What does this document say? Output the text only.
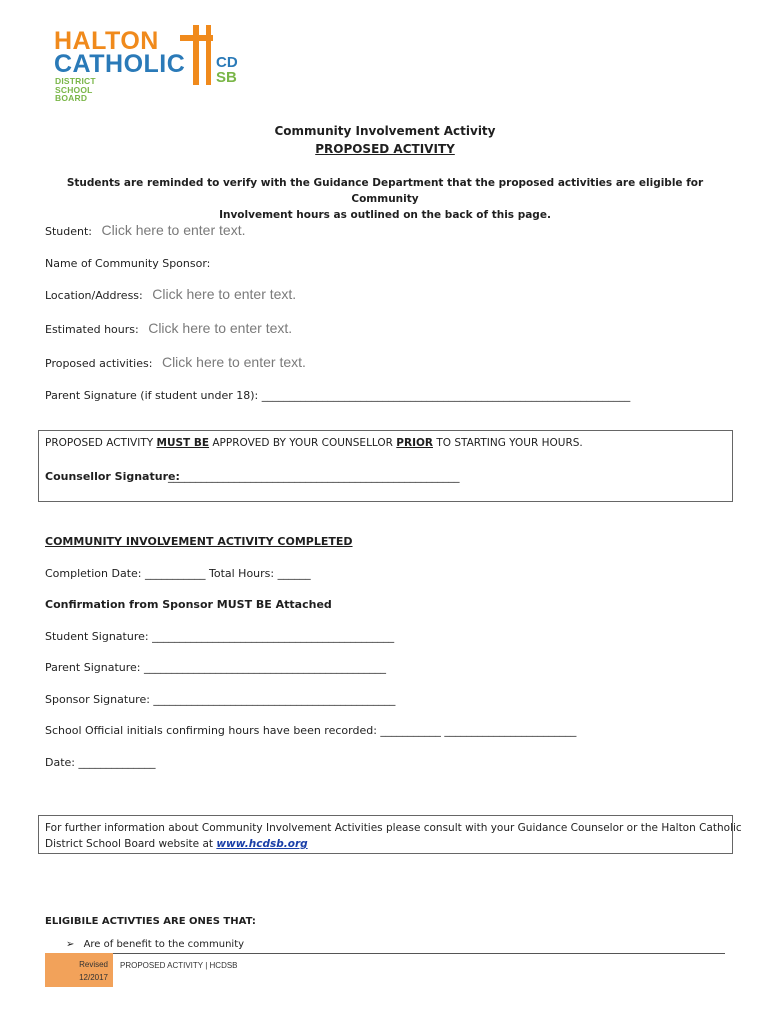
HALTON
CATHOLIC
DISTRICT SCHOOL BOARD
CD
SB
Community Involvement Activity
PROPOSED ACTIVITY
Students are reminded to verify with the Guidance Department that the proposed activities are eligible for Community
Involvement hours as outlined on the back of this page.
Student: Click here to enter text.
Name of Community Sponsor:
Location/Address: Click here to enter text.
Estimated hours: Click here to enter text.
Proposed activities: Click here to enter text.
Parent Signature (if student under 18): ___________________________________________________________________
PROPOSED ACTIVITY MUST BE APPROVED BY YOUR COUNSELLOR PRIOR TO STARTING YOUR HOURS.
Counsellor Signature:
_____________________________________________________
COMMUNITY INVOLVEMENT ACTIVITY COMPLETED
Completion Date: ___________ Total Hours: ______
Confirmation from Sponsor MUST BE Attached
Student Signature: ____________________________________________
Parent Signature: ____________________________________________
Sponsor Signature: ____________________________________________
School Official initials confirming hours have been recorded: ___________ ________________________
Date: ______________
For further information about Community Involvement Activities please consult with your Guidance Counselor or the Halton Catholic
District School Board website at www.hcdsb.org
ELIGIBILE ACTIVTIES ARE ONES THAT:
➢ Are of benefit to the community
Revised
12/2017
PROPOSED ACTIVITY | HCDSB
